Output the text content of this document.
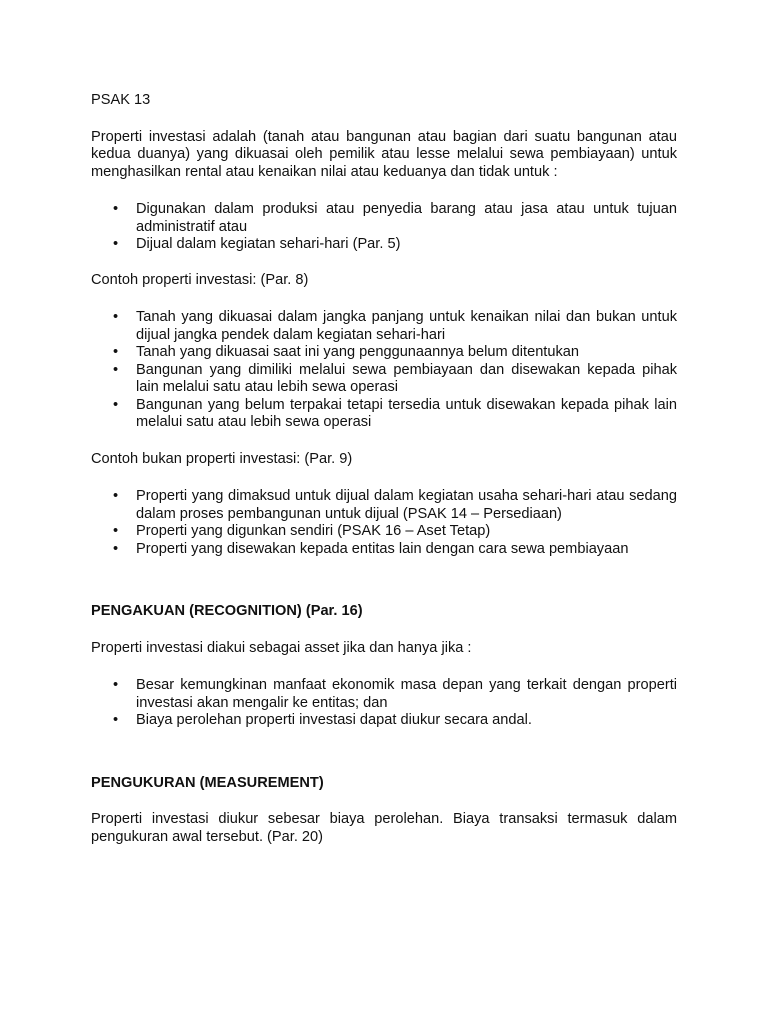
PSAK 13

Properti investasi adalah (tanah atau bangunan atau bagian dari suatu bangunan atau kedua duanya) yang dikuasai oleh pemilik atau lesse melalui sewa pembiayaan) untuk menghasilkan rental atau kenaikan nilai atau keduanya dan tidak untuk :

• Digunakan dalam produksi atau penyedia barang atau jasa atau untuk tujuan administratif atau
• Dijual dalam kegiatan sehari-hari (Par. 5)

Contoh properti investasi: (Par. 8)

• Tanah yang dikuasai dalam jangka panjang untuk kenaikan nilai dan bukan untuk dijual jangka pendek dalam kegiatan sehari-hari
• Tanah yang dikuasai saat ini yang penggunaannya belum ditentukan
• Bangunan yang dimiliki melalui sewa pembiayaan dan disewakan kepada pihak lain melalui satu atau lebih sewa operasi
• Bangunan yang belum terpakai tetapi tersedia untuk disewakan kepada pihak lain melalui satu atau lebih sewa operasi

Contoh bukan properti investasi: (Par. 9)

• Properti yang dimaksud untuk dijual dalam kegiatan usaha sehari-hari atau sedang dalam proses pembangunan untuk dijual (PSAK 14 – Persediaan)
• Properti yang digunkan sendiri (PSAK 16 – Aset Tetap)
• Properti yang disewakan kepada entitas lain dengan cara sewa pembiayaan

PENGAKUAN (RECOGNITION) (Par. 16)

Properti investasi diakui sebagai asset jika dan hanya jika :

• Besar kemungkinan manfaat ekonomik masa depan yang terkait dengan properti investasi akan mengalir ke entitas; dan
• Biaya perolehan properti investasi dapat diukur secara andal.

PENGUKURAN (MEASUREMENT)

Properti investasi diukur sebesar biaya perolehan. Biaya transaksi termasuk dalam pengukuran awal tersebut. (Par. 20)
